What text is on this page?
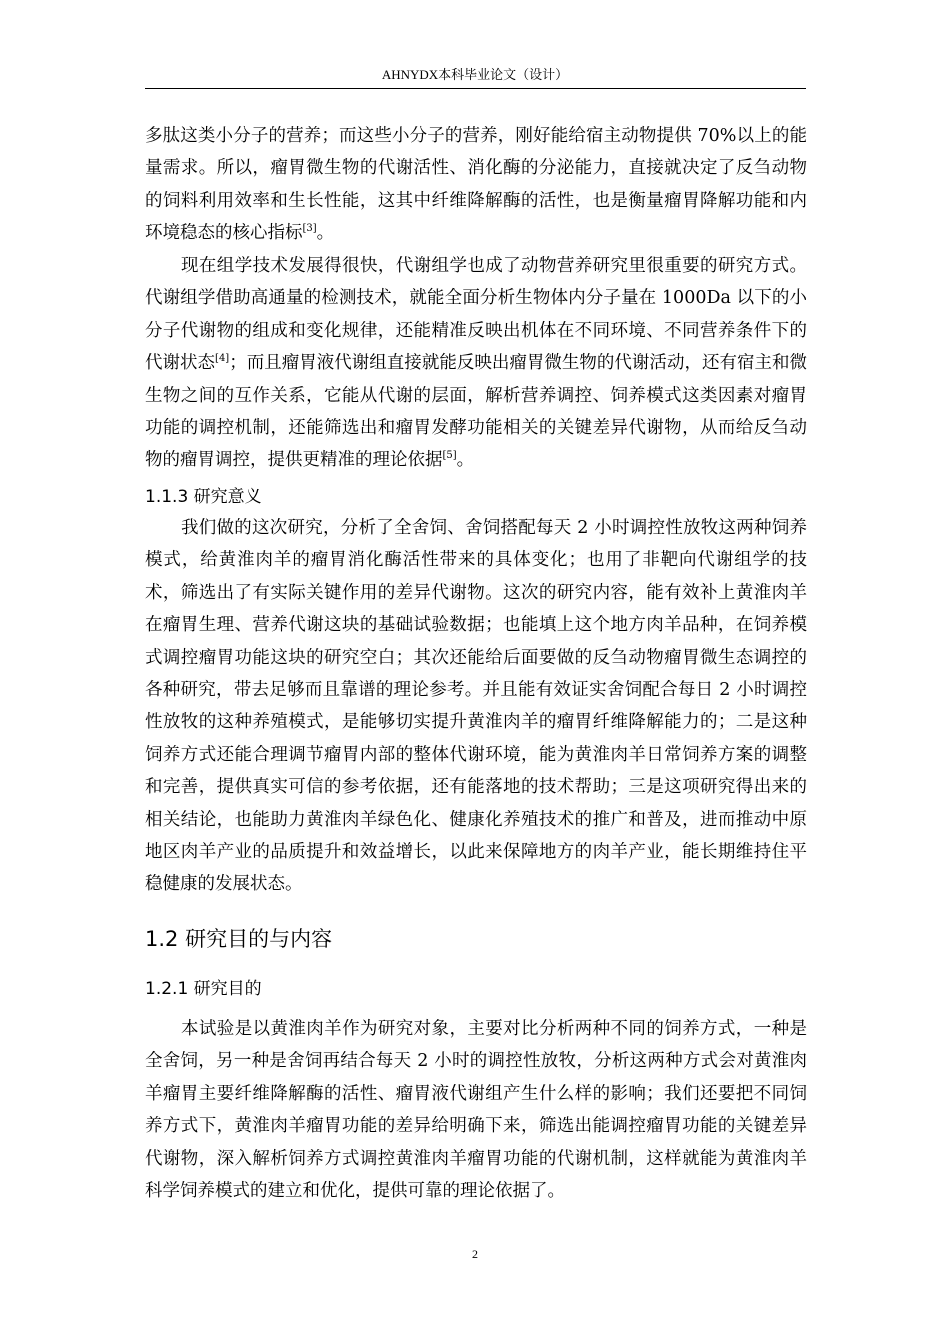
AHNYDX本科毕业论文（设计）

多肽这类小分子的营养；而这些小分子的营养，刚好能给宿主动物提供 70%以上的能量需求。所以，瘤胃微生物的代谢活性、消化酶的分泌能力，直接就决定了反刍动物的饲料利用效率和生长性能，这其中纤维降解酶的活性，也是衡量瘤胃降解功能和内环境稳态的核心指标[3]。

现在组学技术发展得很快，代谢组学也成了动物营养研究里很重要的研究方式。代谢组学借助高通量的检测技术，就能全面分析生物体内分子量在 1000Da 以下的小分子代谢物的组成和变化规律，还能精准反映出机体在不同环境、不同营养条件下的代谢状态[4]；而且瘤胃液代谢组直接就能反映出瘤胃微生物的代谢活动，还有宿主和微生物之间的互作关系，它能从代谢的层面，解析营养调控、饲养模式这类因素对瘤胃功能的调控机制，还能筛选出和瘤胃发酵功能相关的关键差异代谢物，从而给反刍动物的瘤胃调控，提供更精准的理论依据[5]。

1.1.3 研究意义

我们做的这次研究，分析了全舍饲、舍饲搭配每天 2 小时调控性放牧这两种饲养模式，给黄淮肉羊的瘤胃消化酶活性带来的具体变化；也用了非靶向代谢组学的技术，筛选出了有实际关键作用的差异代谢物。这次的研究内容，能有效补上黄淮肉羊在瘤胃生理、营养代谢这块的基础试验数据；也能填上这个地方肉羊品种，在饲养模式调控瘤胃功能这块的研究空白；其次还能给后面要做的反刍动物瘤胃微生态调控的各种研究，带去足够而且靠谱的理论参考。并且能有效证实舍饲配合每日 2 小时调控性放牧的这种养殖模式，是能够切实提升黄淮肉羊的瘤胃纤维降解能力的；二是这种饲养方式还能合理调节瘤胃内部的整体代谢环境，能为黄淮肉羊日常饲养方案的调整和完善，提供真实可信的参考依据，还有能落地的技术帮助；三是这项研究得出来的相关结论，也能助力黄淮肉羊绿色化、健康化养殖技术的推广和普及，进而推动中原地区肉羊产业的品质提升和效益增长，以此来保障地方的肉羊产业，能长期维持住平稳健康的发展状态。

1.2 研究目的与内容
1.2.1 研究目的

本试验是以黄淮肉羊作为研究对象，主要对比分析两种不同的饲养方式，一种是全舍饲，另一种是舍饲再结合每天 2 小时的调控性放牧，分析这两种方式会对黄淮肉羊瘤胃主要纤维降解酶的活性、瘤胃液代谢组产生什么样的影响；我们还要把不同饲养方式下，黄淮肉羊瘤胃功能的差异给明确下来，筛选出能调控瘤胃功能的关键差异代谢物，深入解析饲养方式调控黄淮肉羊瘤胃功能的代谢机制，这样就能为黄淮肉羊科学饲养模式的建立和优化，提供可靠的理论依据了。

2
